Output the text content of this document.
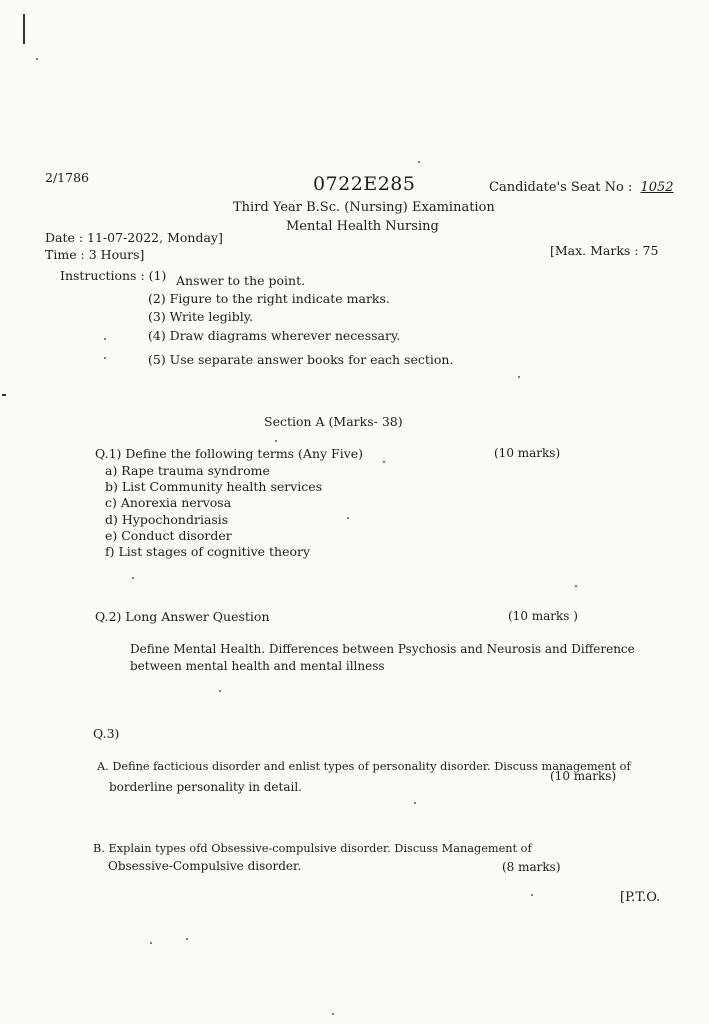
2/1786	0722E285	Candidate's Seat No : 1052
Third Year B.Sc. (Nursing) Examination
Mental Health Nursing
Date : 11-07-2022, Monday]
Time : 3 Hours]	[Max. Marks : 75
Instructions : (1) Answer to the point.
(2) Figure to the right indicate marks.
(3) Write legibly.
(4) Draw diagrams wherever necessary.
(5) Use separate answer books for each section.
Section A (Marks- 38)
Q.1) Define the following terms (Any Five)	(10 marks)
a) Rape trauma syndrome
b) List Community health services
c) Anorexia nervosa
d) Hypochondriasis
e) Conduct disorder
f) List stages of cognitive theory
Q.2) Long Answer Question	(10 marks )
Define Mental Health. Differences between Psychosis and Neurosis and Difference
between mental health and mental illness
Q.3)
A. Define facticious disorder and enlist types of personality disorder. Discuss management of
(10 marks)
borderline personality in detail.
B. Explain types ofd Obsessive-compulsive disorder. Discuss Management of
Obsessive-Compulsive disorder.	(8 marks)
[P.T.O.
